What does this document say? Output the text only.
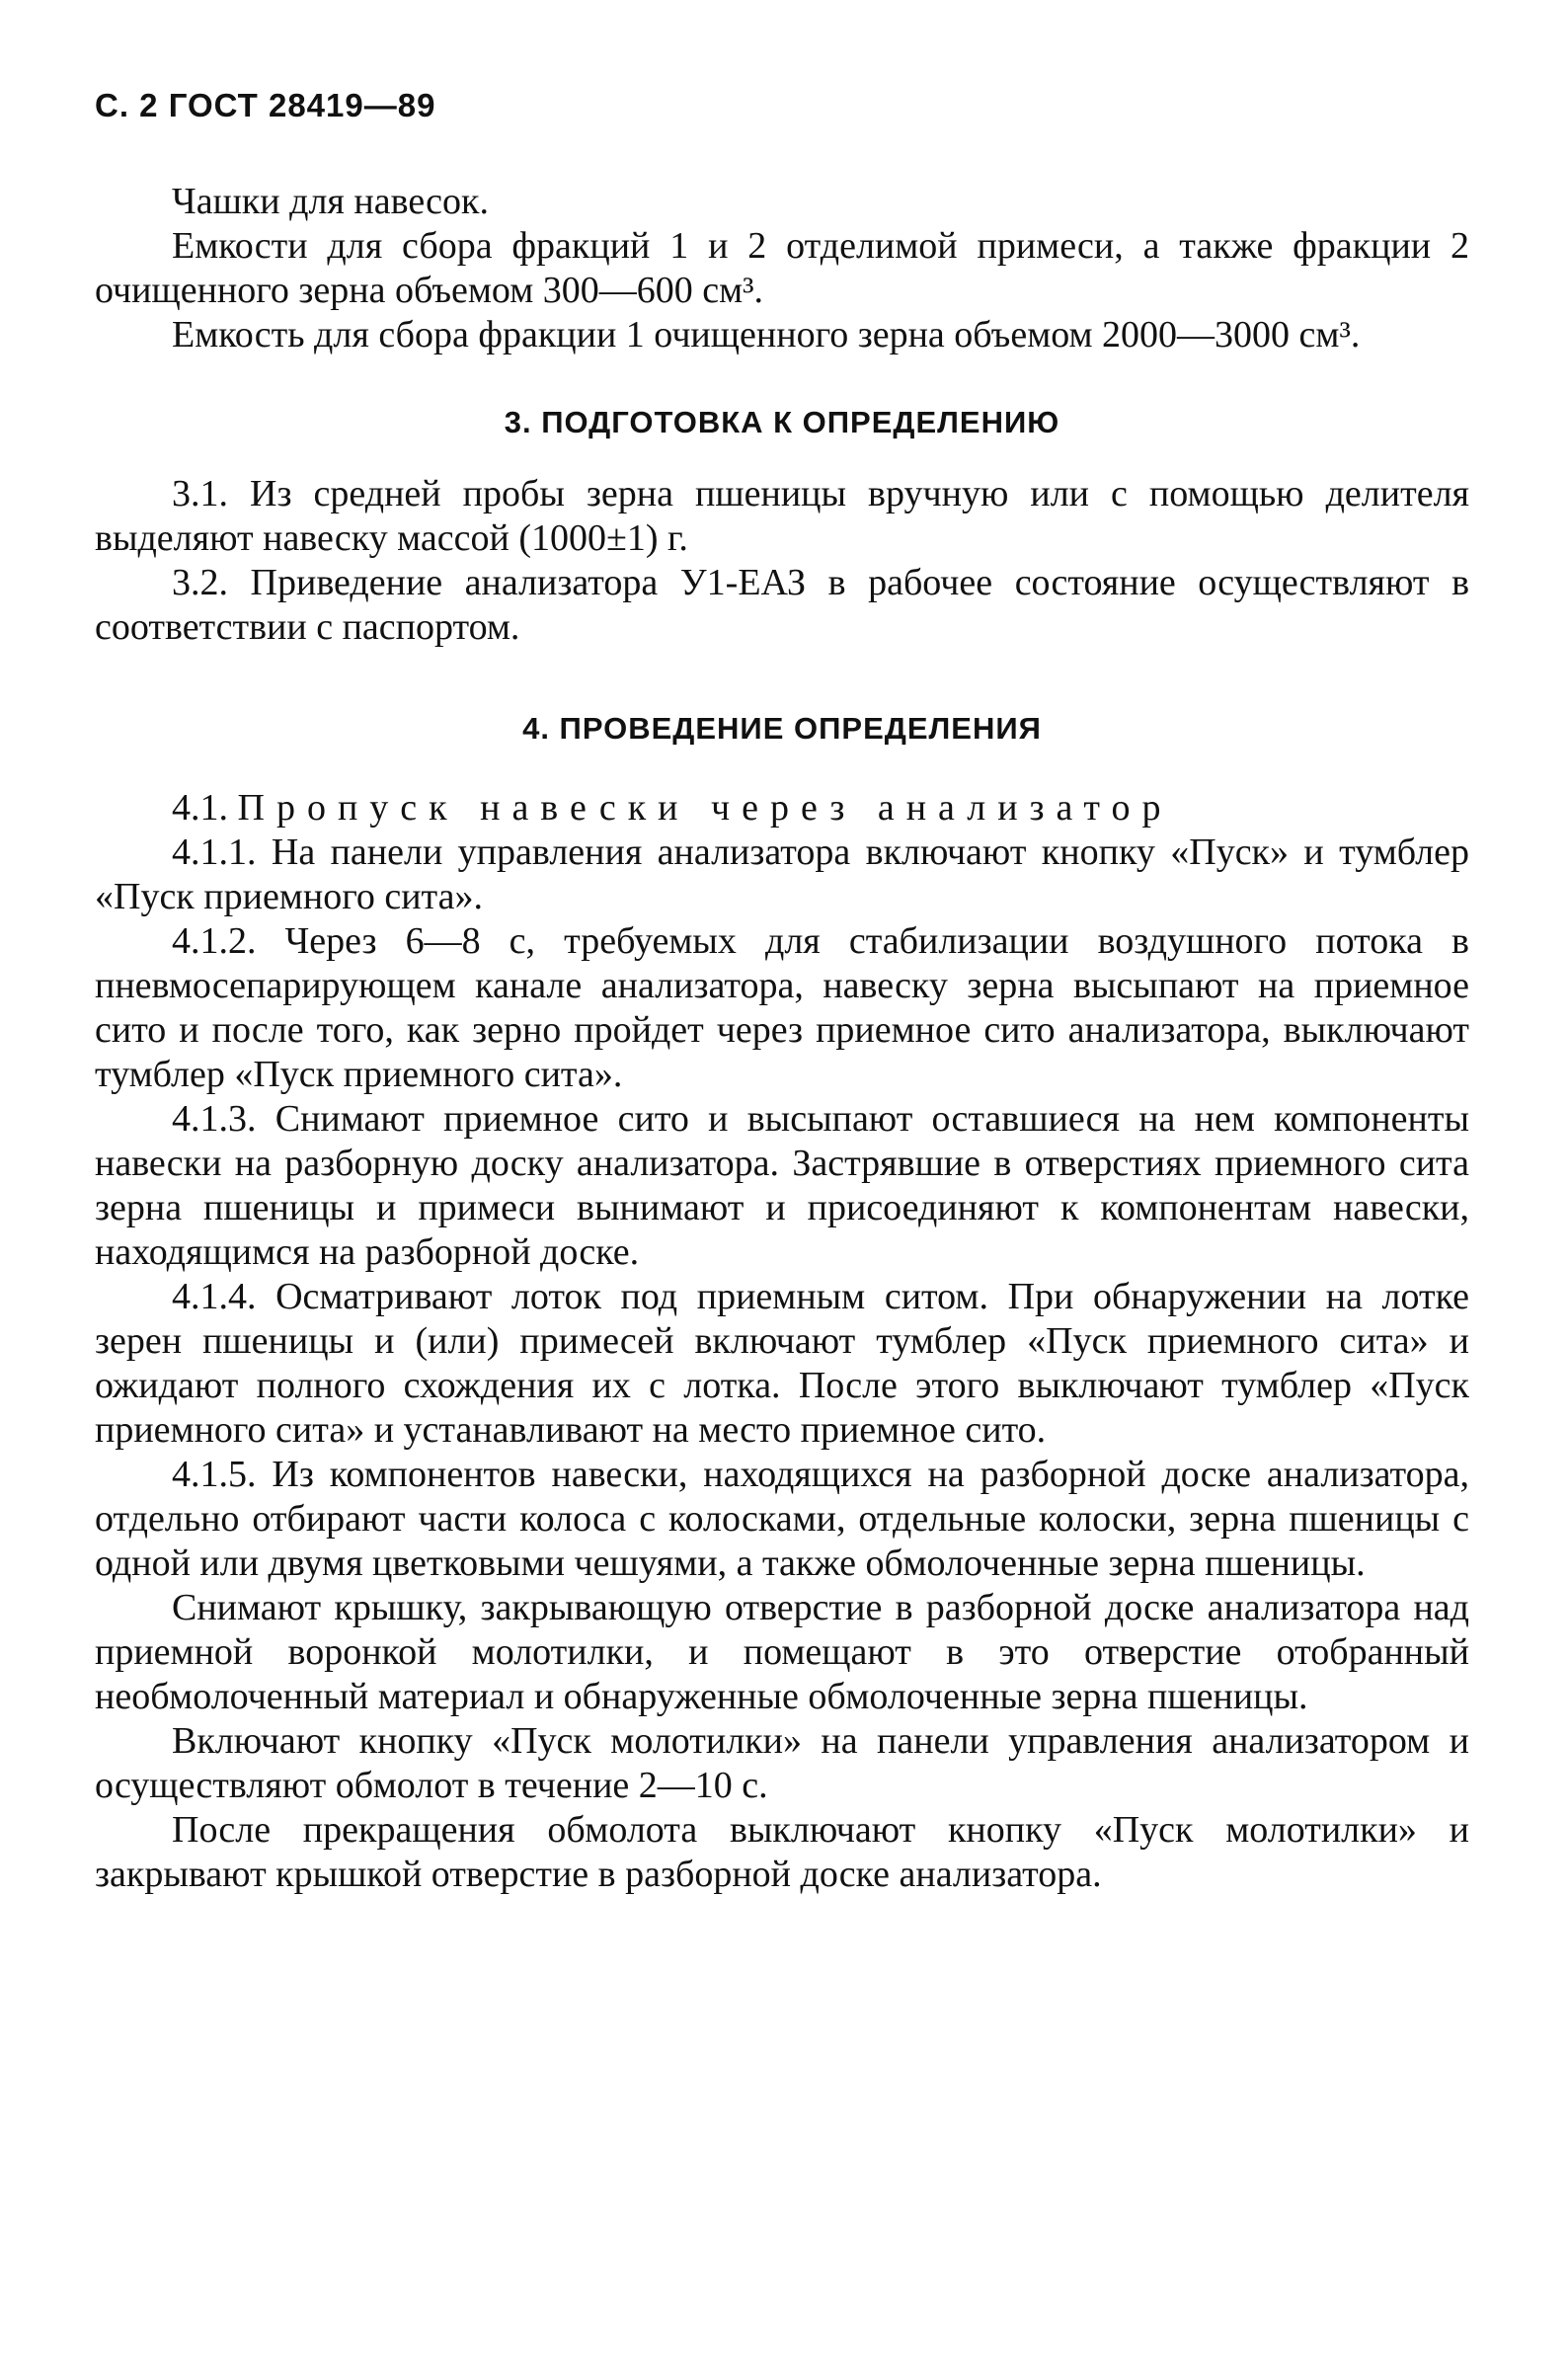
С. 2 ГОСТ 28419—89

Чашки для навесок.

Емкости для сбора фракций 1 и 2 отделимой примеси, а также фракции 2 очищенного зерна объемом 300—600 см³.

Емкость для сбора фракции 1 очищенного зерна объемом 2000—3000 см³.

3. ПОДГОТОВКА К ОПРЕДЕЛЕНИЮ

3.1. Из средней пробы зерна пшеницы вручную или с помощью делителя выделяют навеску массой (1000±1) г.

3.2. Приведение анализатора У1-ЕАЗ в рабочее состояние осуществляют в соответствии с паспортом.

4. ПРОВЕДЕНИЕ ОПРЕДЕЛЕНИЯ

4.1. Пропуск навески через анализатор

4.1.1. На панели управления анализатора включают кнопку «Пуск» и тумблер «Пуск приемного сита».

4.1.2. Через 6—8 с, требуемых для стабилизации воздушного потока в пневмосепарирующем канале анализатора, навеску зерна высыпают на приемное сито и после того, как зерно пройдет через приемное сито анализатора, выключают тумблер «Пуск приемного сита».

4.1.3. Снимают приемное сито и высыпают оставшиеся на нем компоненты навески на разборную доску анализатора. Застрявшие в отверстиях приемного сита зерна пшеницы и примеси вынимают и присоединяют к компонентам навески, находящимся на разборной доске.

4.1.4. Осматривают лоток под приемным ситом. При обнаружении на лотке зерен пшеницы и (или) примесей включают тумблер «Пуск приемного сита» и ожидают полного схождения их с лотка. После этого выключают тумблер «Пуск приемного сита» и устанавливают на место приемное сито.

4.1.5. Из компонентов навески, находящихся на разборной доске анализатора, отдельно отбирают части колоса с колосками, отдельные колоски, зерна пшеницы с одной или двумя цветковыми чешуями, а также обмолоченные зерна пшеницы.

Снимают крышку, закрывающую отверстие в разборной доске анализатора над приемной воронкой молотилки, и помещают в это отверстие отобранный необмолоченный материал и обнаруженные обмолоченные зерна пшеницы.

Включают кнопку «Пуск молотилки» на панели управления анализатором и осуществляют обмолот в течение 2—10 с.

После прекращения обмолота выключают кнопку «Пуск молотилки» и закрывают крышкой отверстие в разборной доске анализатора.
